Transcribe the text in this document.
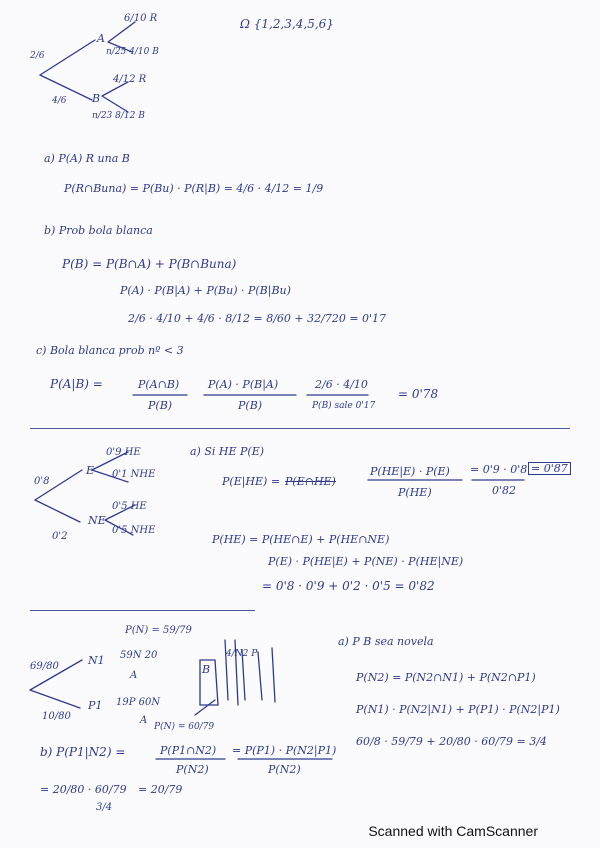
Ω {1,2,3,4,5,6}
2/6
A
6/10 R
n/25 4/10 B
4/6 B
4/12 R
n/23 8/12 B
a) P(A) R una B
P(R∩Buna) = P(Bu) · P(R|B) = 4/6 · 4/12 = 1/9
b) Prob bola blanca
P(B) = P(B∩A) + P(B∩Buna)
P(A) · P(B|A) + P(Bu) · P(B|Bu)
2/6 · 4/10 + 4/6 · 8/12 = 8/60 + 32/720 = 0'17
c) Bola blanca prob nº < 3
P(A|B) =	P(A∩B)
P(B)
P(A) · P(B|A)
P(B)
2/6 · 4/10
P(B) sale 0'17
= 0'78
0'9 HE
0'1 NHE
0'8
E
0'5 HE
0'5 NHE
0'2
NE
a) Si HE P(E)
P(E|HE) = P(E∩HE)
P(HE|E) · P(E)
P(HE)
= 0'9 · 0'8
0'82
= 0'87
P(HE) = P(HE∩E) + P(HE∩NE)
P(E) · P(HE|E) + P(NE) · P(HE|NE)
= 0'8 · 0'9 + 0'2 · 0'5 = 0'82
P(N) = 59/79
69/80	N1 59N 20
A
10/80
P1 19P 60N
A
P(N) = 60/79
B
4/N2 P
a) P B sea novela
P(N2) = P(N2∩N1) + P(N2∩P1)
P(N1) · P(N2|N1) + P(P1) · P(N2|P1)
60/8 · 59/79 + 20/80 · 60/79 = 3/4
b) P(P1|N2) =	P(P1∩N2)
P(N2)
= P(P1) · P(N2|P1)
P(N2)
= 20/80 · 60/79
3/4
= 20/79
Scanned with CamScanner
